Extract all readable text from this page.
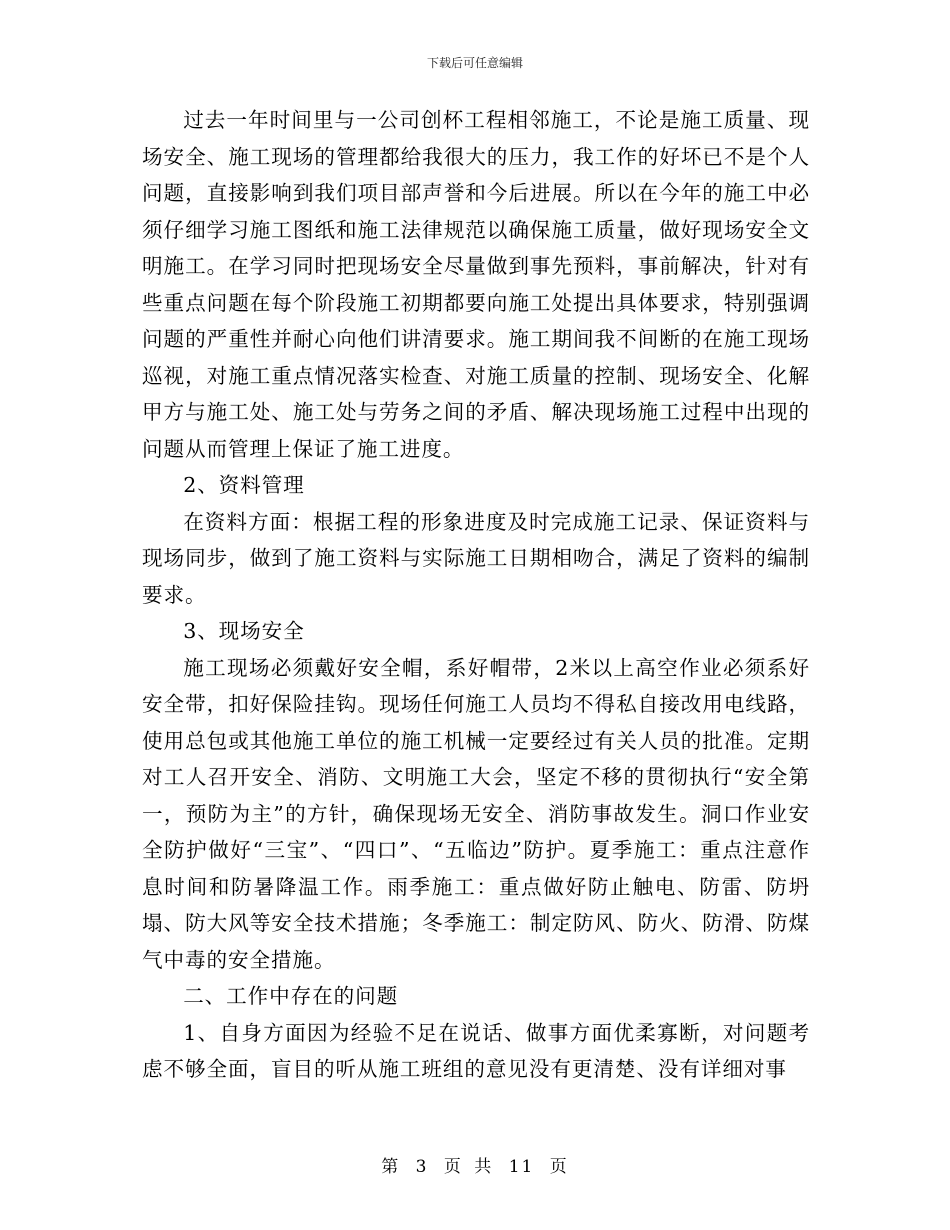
下载后可任意编辑

过去一年时间里与一公司创杯工程相邻施工，不论是施工质量、现场安全、施工现场的管理都给我很大的压力，我工作的好坏已不是个人问题，直接影响到我们项目部声誉和今后进展。所以在今年的施工中必须仔细学习施工图纸和施工法律规范以确保施工质量，做好现场安全文明施工。在学习同时把现场安全尽量做到事先预料，事前解决，针对有些重点问题在每个阶段施工初期都要向施工处提出具体要求，特别强调问题的严重性并耐心向他们讲清要求。施工期间我不间断的在施工现场巡视，对施工重点情况落实检查、对施工质量的控制、现场安全、化解甲方与施工处、施工处与劳务之间的矛盾、解决现场施工过程中出现的问题从而管理上保证了施工进度。

2、资料管理

在资料方面：根据工程的形象进度及时完成施工记录、保证资料与现场同步，做到了施工资料与实际施工日期相吻合，满足了资料的编制要求。

3、现场安全

施工现场必须戴好安全帽，系好帽带，2米以上高空作业必须系好安全带，扣好保险挂钩。现场任何施工人员均不得私自接改用电线路，使用总包或其他施工单位的施工机械一定要经过有关人员的批准。定期对工人召开安全、消防、文明施工大会，坚定不移的贯彻执行“安全第一，预防为主”的方针，确保现场无安全、消防事故发生。洞口作业安全防护做好“三宝”、“四口”、“五临边”防护。夏季施工：重点注意作息时间和防暑降温工作。雨季施工：重点做好防止触电、防雷、防坍塌、防大风等安全技术措施；冬季施工：制定防风、防火、防滑、防煤气中毒的安全措施。

二、工作中存在的问题

1、自身方面因为经验不足在说话、做事方面优柔寡断，对问题考虑不够全面，盲目的听从施工班组的意见没有更清楚、没有详细对事

第 3 页 共 11 页
